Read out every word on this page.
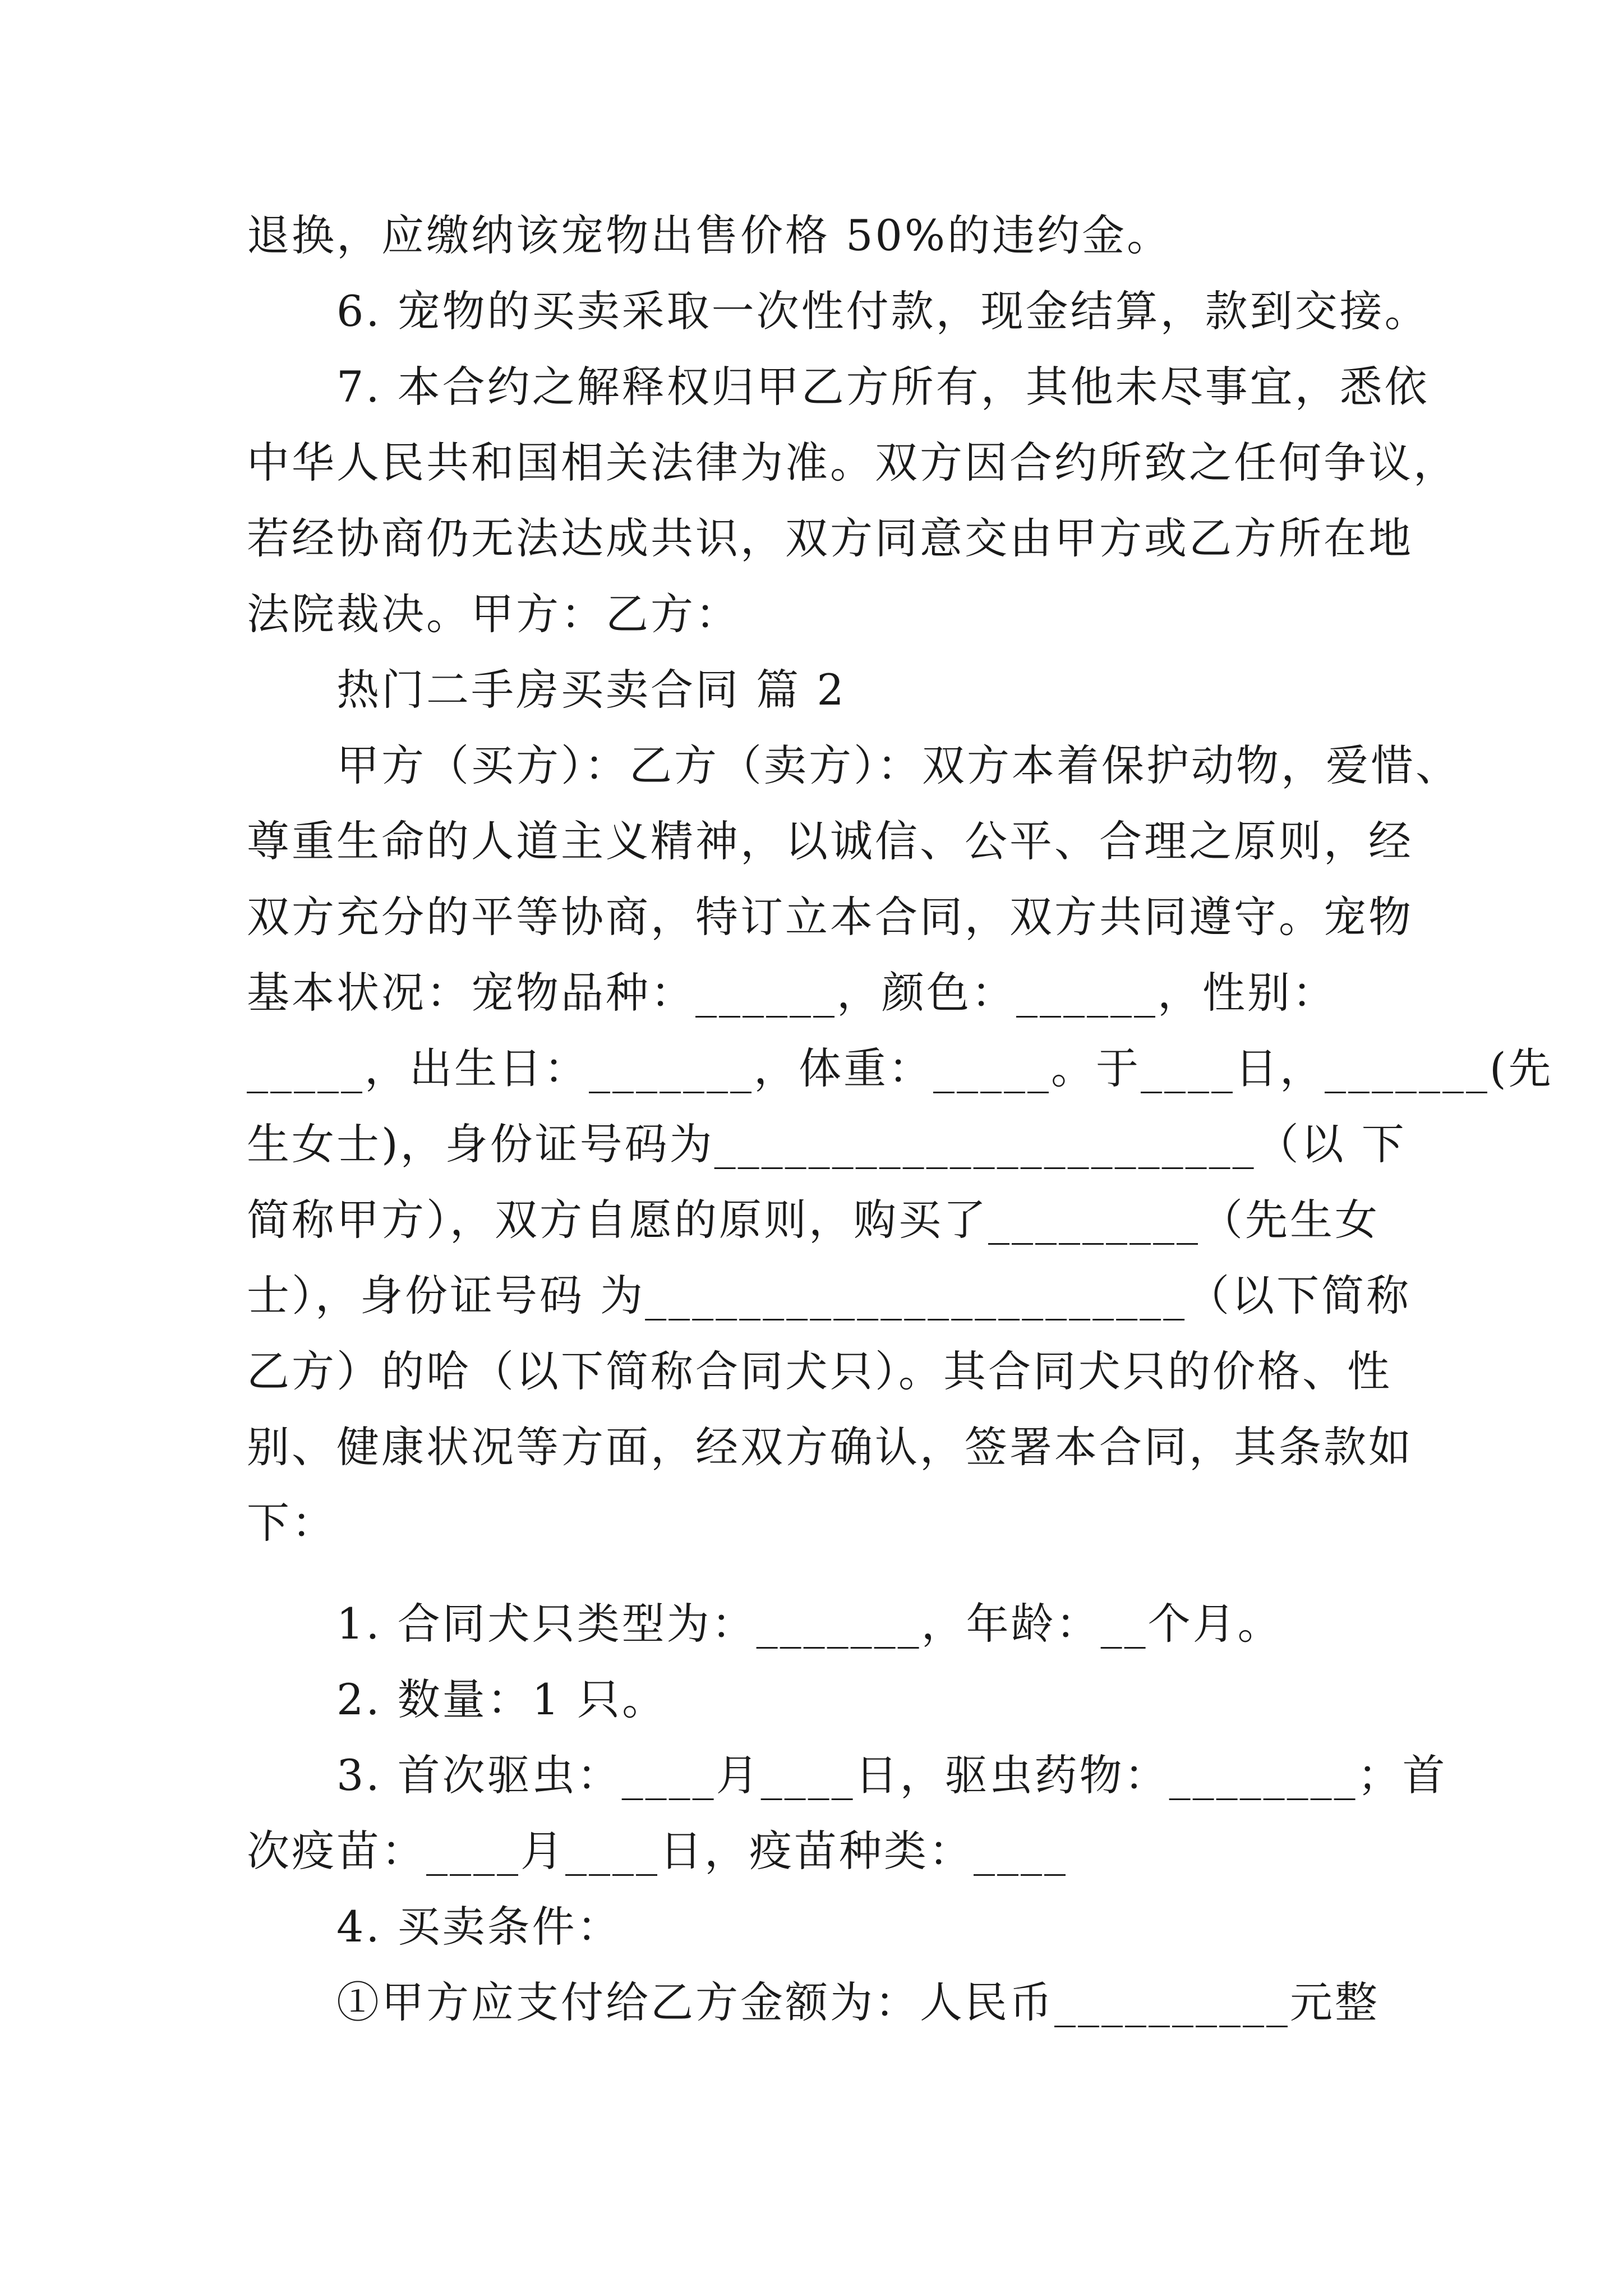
退换，应缴纳该宠物出售价格 50%的违约金。
6. 宠物的买卖采取一次性付款，现金结算，款到交接。
7. 本合约之解释权归甲乙方所有，其他未尽事宜，悉依
中华人民共和国相关法律为准。双方因合约所致之任何争议，
若经协商仍无法达成共识，双方同意交由甲方或乙方所在地
法院裁决。甲方：乙方：
热门二手房买卖合同 篇 2
甲方（买方）：乙方（卖方）：双方本着保护动物，爱惜、
尊重生命的人道主义精神，以诚信、公平、合理之原则，经
双方充分的平等协商，特订立本合同，双方共同遵守。宠物
基本状况：宠物品种：______，颜色：______，性别：
_____，出生日：_______，体重：_____。于____日，_______(先
生女士)，身份证号码为_______________________（以 下
简称甲方），双方自愿的原则，购买了_________（先生女
士），身份证号码 为_______________________（以下简称
乙方）的哈（以下简称合同犬只）。其合同犬只的价格、性
别、健康状况等方面，经双方确认，签署本合同，其条款如
下：
1. 合同犬只类型为：_______，年龄：__个月。
2. 数量：1 只。
3. 首次驱虫：____月____日，驱虫药物：________；首
次疫苗：____月____日，疫苗种类：____
4. 买卖条件：
①甲方应支付给乙方金额为：人民币__________元整
